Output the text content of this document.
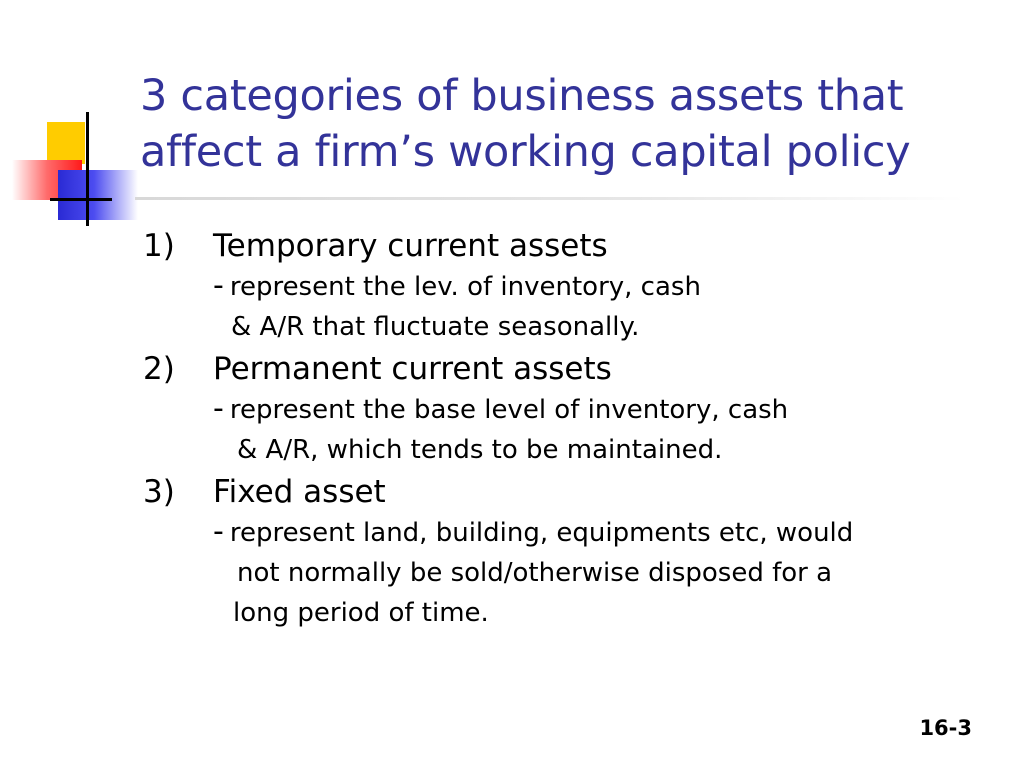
3 categories of business assets that
affect a firm’s working capital policy
1)	Temporary current assets
- represent the lev. of inventory, cash
& A/R that fluctuate seasonally.
2)	Permanent current assets
- represent the base level of inventory, cash
& A/R, which tends to be maintained.
3)	Fixed asset
- represent land, building, equipments etc, would
not normally be sold/otherwise disposed for a
long period of time.
16-3
